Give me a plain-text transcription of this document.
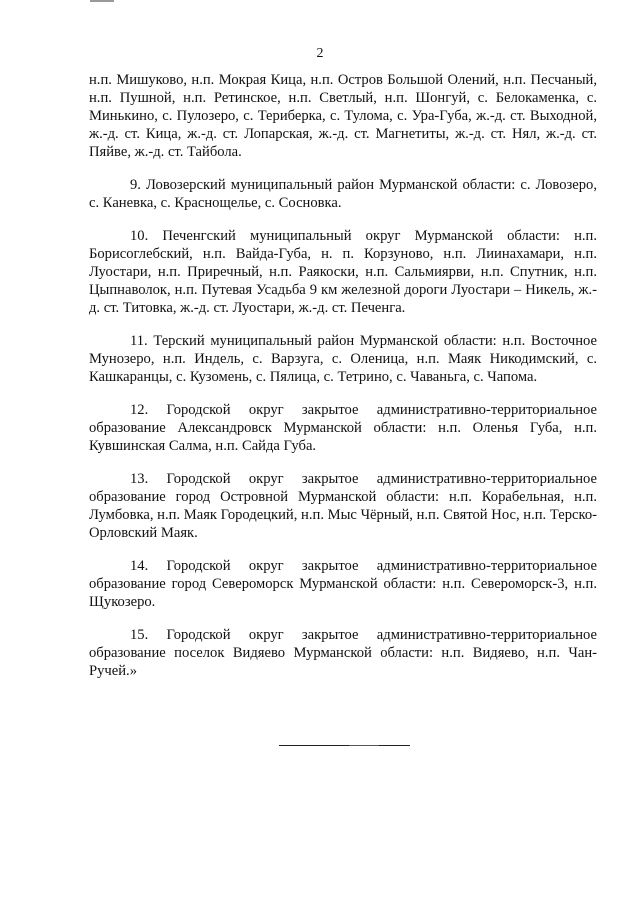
2

н.п. Мишуково, н.п. Мокрая Кица, н.п. Остров Большой Олений, н.п. Песчаный, н.п. Пушной, н.п. Ретинское, н.п. Светлый, н.п. Шонгуй, с. Белокаменка, с. Минькино, с. Пулозеро, с. Териберка, с. Тулома, с. Ура-Губа, ж.-д. ст. Выходной, ж.-д. ст. Кица, ж.-д. ст. Лопарская, ж.-д. ст. Магнетиты, ж.-д. ст. Нял, ж.-д. ст. Пяйве, ж.-д. ст. Тайбола.

9. Ловозерский муниципальный район Мурманской области: с. Ловозеро, с. Каневка, с. Краснощелье, с. Сосновка.

10. Печенгский муниципальный округ Мурманской области: н.п. Борисоглебский, н.п. Вайда-Губа, н. п. Корзуново, н.п. Лиинахамари, н.п. Луостари, н.п. Приречный, н.п. Раякоски, н.п. Сальмиярви, н.п. Спутник, н.п. Цыпнаволок, н.п. Путевая Усадьба 9 км железной дороги Луостари – Никель, ж.-д. ст. Титовка, ж.-д. ст. Луостари, ж.-д. ст. Печенга.

11. Терский муниципальный район Мурманской области: н.п. Восточное Мунозеро, н.п. Индель, с. Варзуга, с. Оленица, н.п. Маяк Никодимский, с. Кашкаранцы, с. Кузомень, с. Пялица, с. Тетрино, с. Чаваньга, с. Чапома.

12. Городской округ закрытое административно-территориальное образование Александровск Мурманской области: н.п. Оленья Губа, н.п. Кувшинская Салма, н.п. Сайда Губа.

13. Городской округ закрытое административно-территориальное образование город Островной Мурманской области: н.п. Корабельная, н.п. Лумбовка, н.п. Маяк Городецкий, н.п. Мыс Чёрный, н.п. Святой Нос, н.п. Терско-Орловский Маяк.

14. Городской округ закрытое административно-территориальное образование город Североморск Мурманской области: н.п. Североморск-3, н.п. Щукозеро.

15. Городской округ закрытое административно-территориальное образование поселок Видяево Мурманской области: н.п. Видяево, н.п. Чан-Ручей.»
